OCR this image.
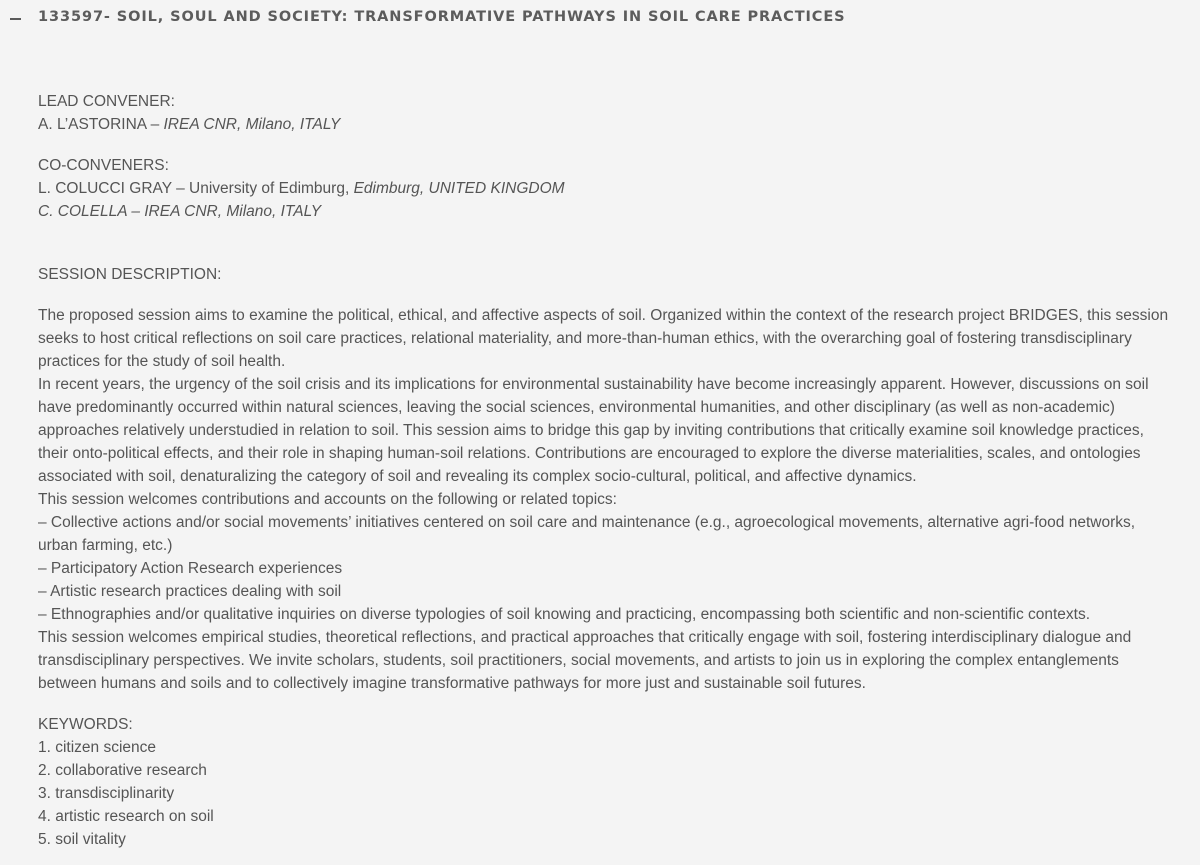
133597- SOIL, SOUL AND SOCIETY: TRANSFORMATIVE PATHWAYS IN SOIL CARE PRACTICES
LEAD CONVENER:
A. L’ASTORINA – IREA CNR, Milano, ITALY
CO-CONVENERS:
L. COLUCCI GRAY – University of Edimburg, Edimburg, UNITED KINGDOM
C. COLELLA – IREA CNR, Milano, ITALY
SESSION DESCRIPTION:
The proposed session aims to examine the political, ethical, and affective aspects of soil. Organized within the context of the research project BRIDGES, this session
seeks to host critical reflections on soil care practices, relational materiality, and more-than-human ethics, with the overarching goal of fostering transdisciplinary
practices for the study of soil health.
In recent years, the urgency of the soil crisis and its implications for environmental sustainability have become increasingly apparent. However, discussions on soil
have predominantly occurred within natural sciences, leaving the social sciences, environmental humanities, and other disciplinary (as well as non-academic)
approaches relatively understudied in relation to soil. This session aims to bridge this gap by inviting contributions that critically examine soil knowledge practices,
their onto-political effects, and their role in shaping human-soil relations. Contributions are encouraged to explore the diverse materialities, scales, and ontologies
associated with soil, denaturalizing the category of soil and revealing its complex socio-cultural, political, and affective dynamics.
This session welcomes contributions and accounts on the following or related topics:
– Collective actions and/or social movements’ initiatives centered on soil care and maintenance (e.g., agroecological movements, alternative agri-food networks,
urban farming, etc.)
– Participatory Action Research experiences
– Artistic research practices dealing with soil
– Ethnographies and/or qualitative inquiries on diverse typologies of soil knowing and practicing, encompassing both scientific and non-scientific contexts.
This session welcomes empirical studies, theoretical reflections, and practical approaches that critically engage with soil, fostering interdisciplinary dialogue and
transdisciplinary perspectives. We invite scholars, students, soil practitioners, social movements, and artists to join us in exploring the complex entanglements
between humans and soils and to collectively imagine transformative pathways for more just and sustainable soil futures.
KEYWORDS:
1. citizen science
2. collaborative research
3. transdisciplinarity
4. artistic research on soil
5. soil vitality
